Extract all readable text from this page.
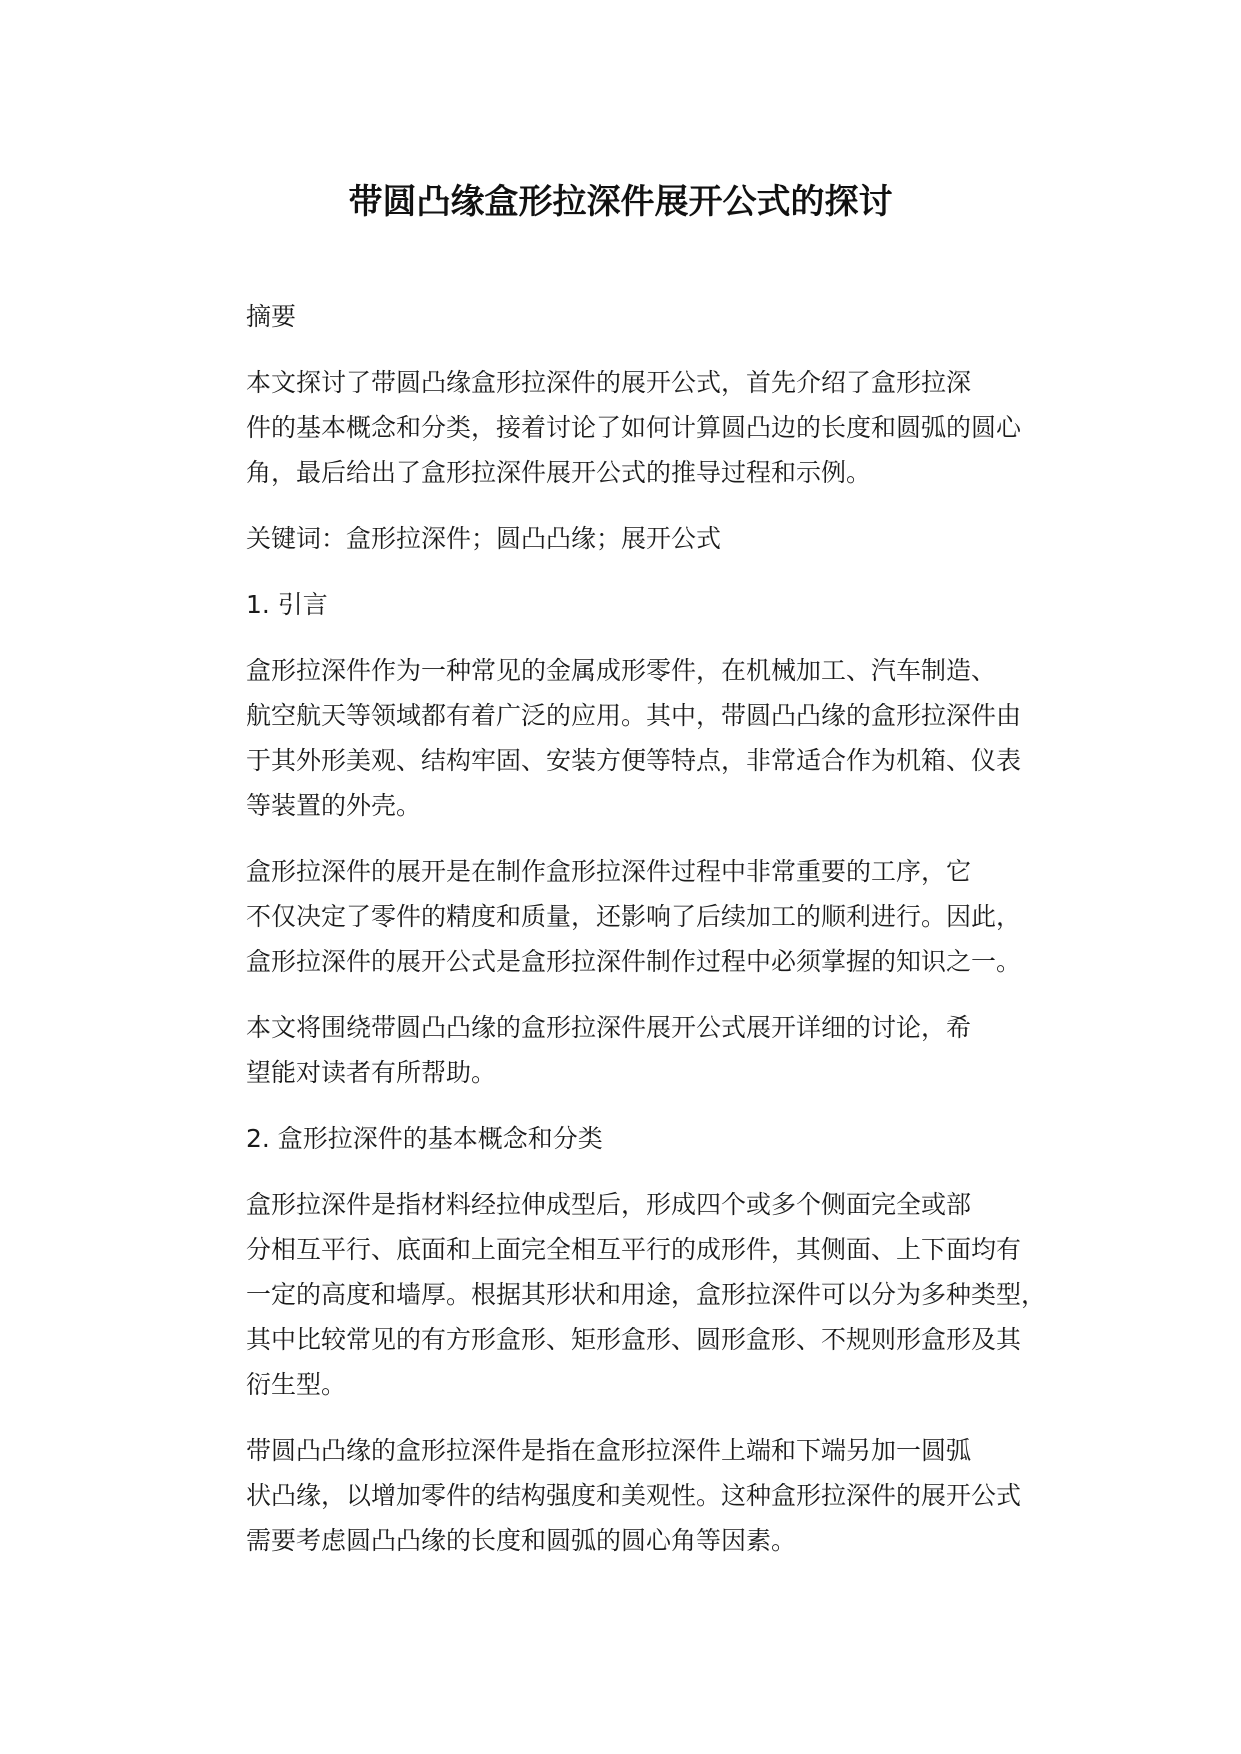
带圆凸缘盒形拉深件展开公式的探讨

摘要

本文探讨了带圆凸缘盒形拉深件的展开公式，首先介绍了盒形拉深
件的基本概念和分类，接着讨论了如何计算圆凸边的长度和圆弧的圆心
角，最后给出了盒形拉深件展开公式的推导过程和示例。

关键词：盒形拉深件；圆凸凸缘；展开公式

1. 引言

盒形拉深件作为一种常见的金属成形零件，在机械加工、汽车制造、
航空航天等领域都有着广泛的应用。其中，带圆凸凸缘的盒形拉深件由
于其外形美观、结构牢固、安装方便等特点，非常适合作为机箱、仪表
等装置的外壳。

盒形拉深件的展开是在制作盒形拉深件过程中非常重要的工序，它
不仅决定了零件的精度和质量，还影响了后续加工的顺利进行。因此，
盒形拉深件的展开公式是盒形拉深件制作过程中必须掌握的知识之一。

本文将围绕带圆凸凸缘的盒形拉深件展开公式展开详细的讨论，希
望能对读者有所帮助。

2. 盒形拉深件的基本概念和分类

盒形拉深件是指材料经拉伸成型后，形成四个或多个侧面完全或部
分相互平行、底面和上面完全相互平行的成形件，其侧面、上下面均有
一定的高度和墙厚。根据其形状和用途，盒形拉深件可以分为多种类型，
其中比较常见的有方形盒形、矩形盒形、圆形盒形、不规则形盒形及其
衍生型。

带圆凸凸缘的盒形拉深件是指在盒形拉深件上端和下端另加一圆弧
状凸缘，以增加零件的结构强度和美观性。这种盒形拉深件的展开公式
需要考虑圆凸凸缘的长度和圆弧的圆心角等因素。
